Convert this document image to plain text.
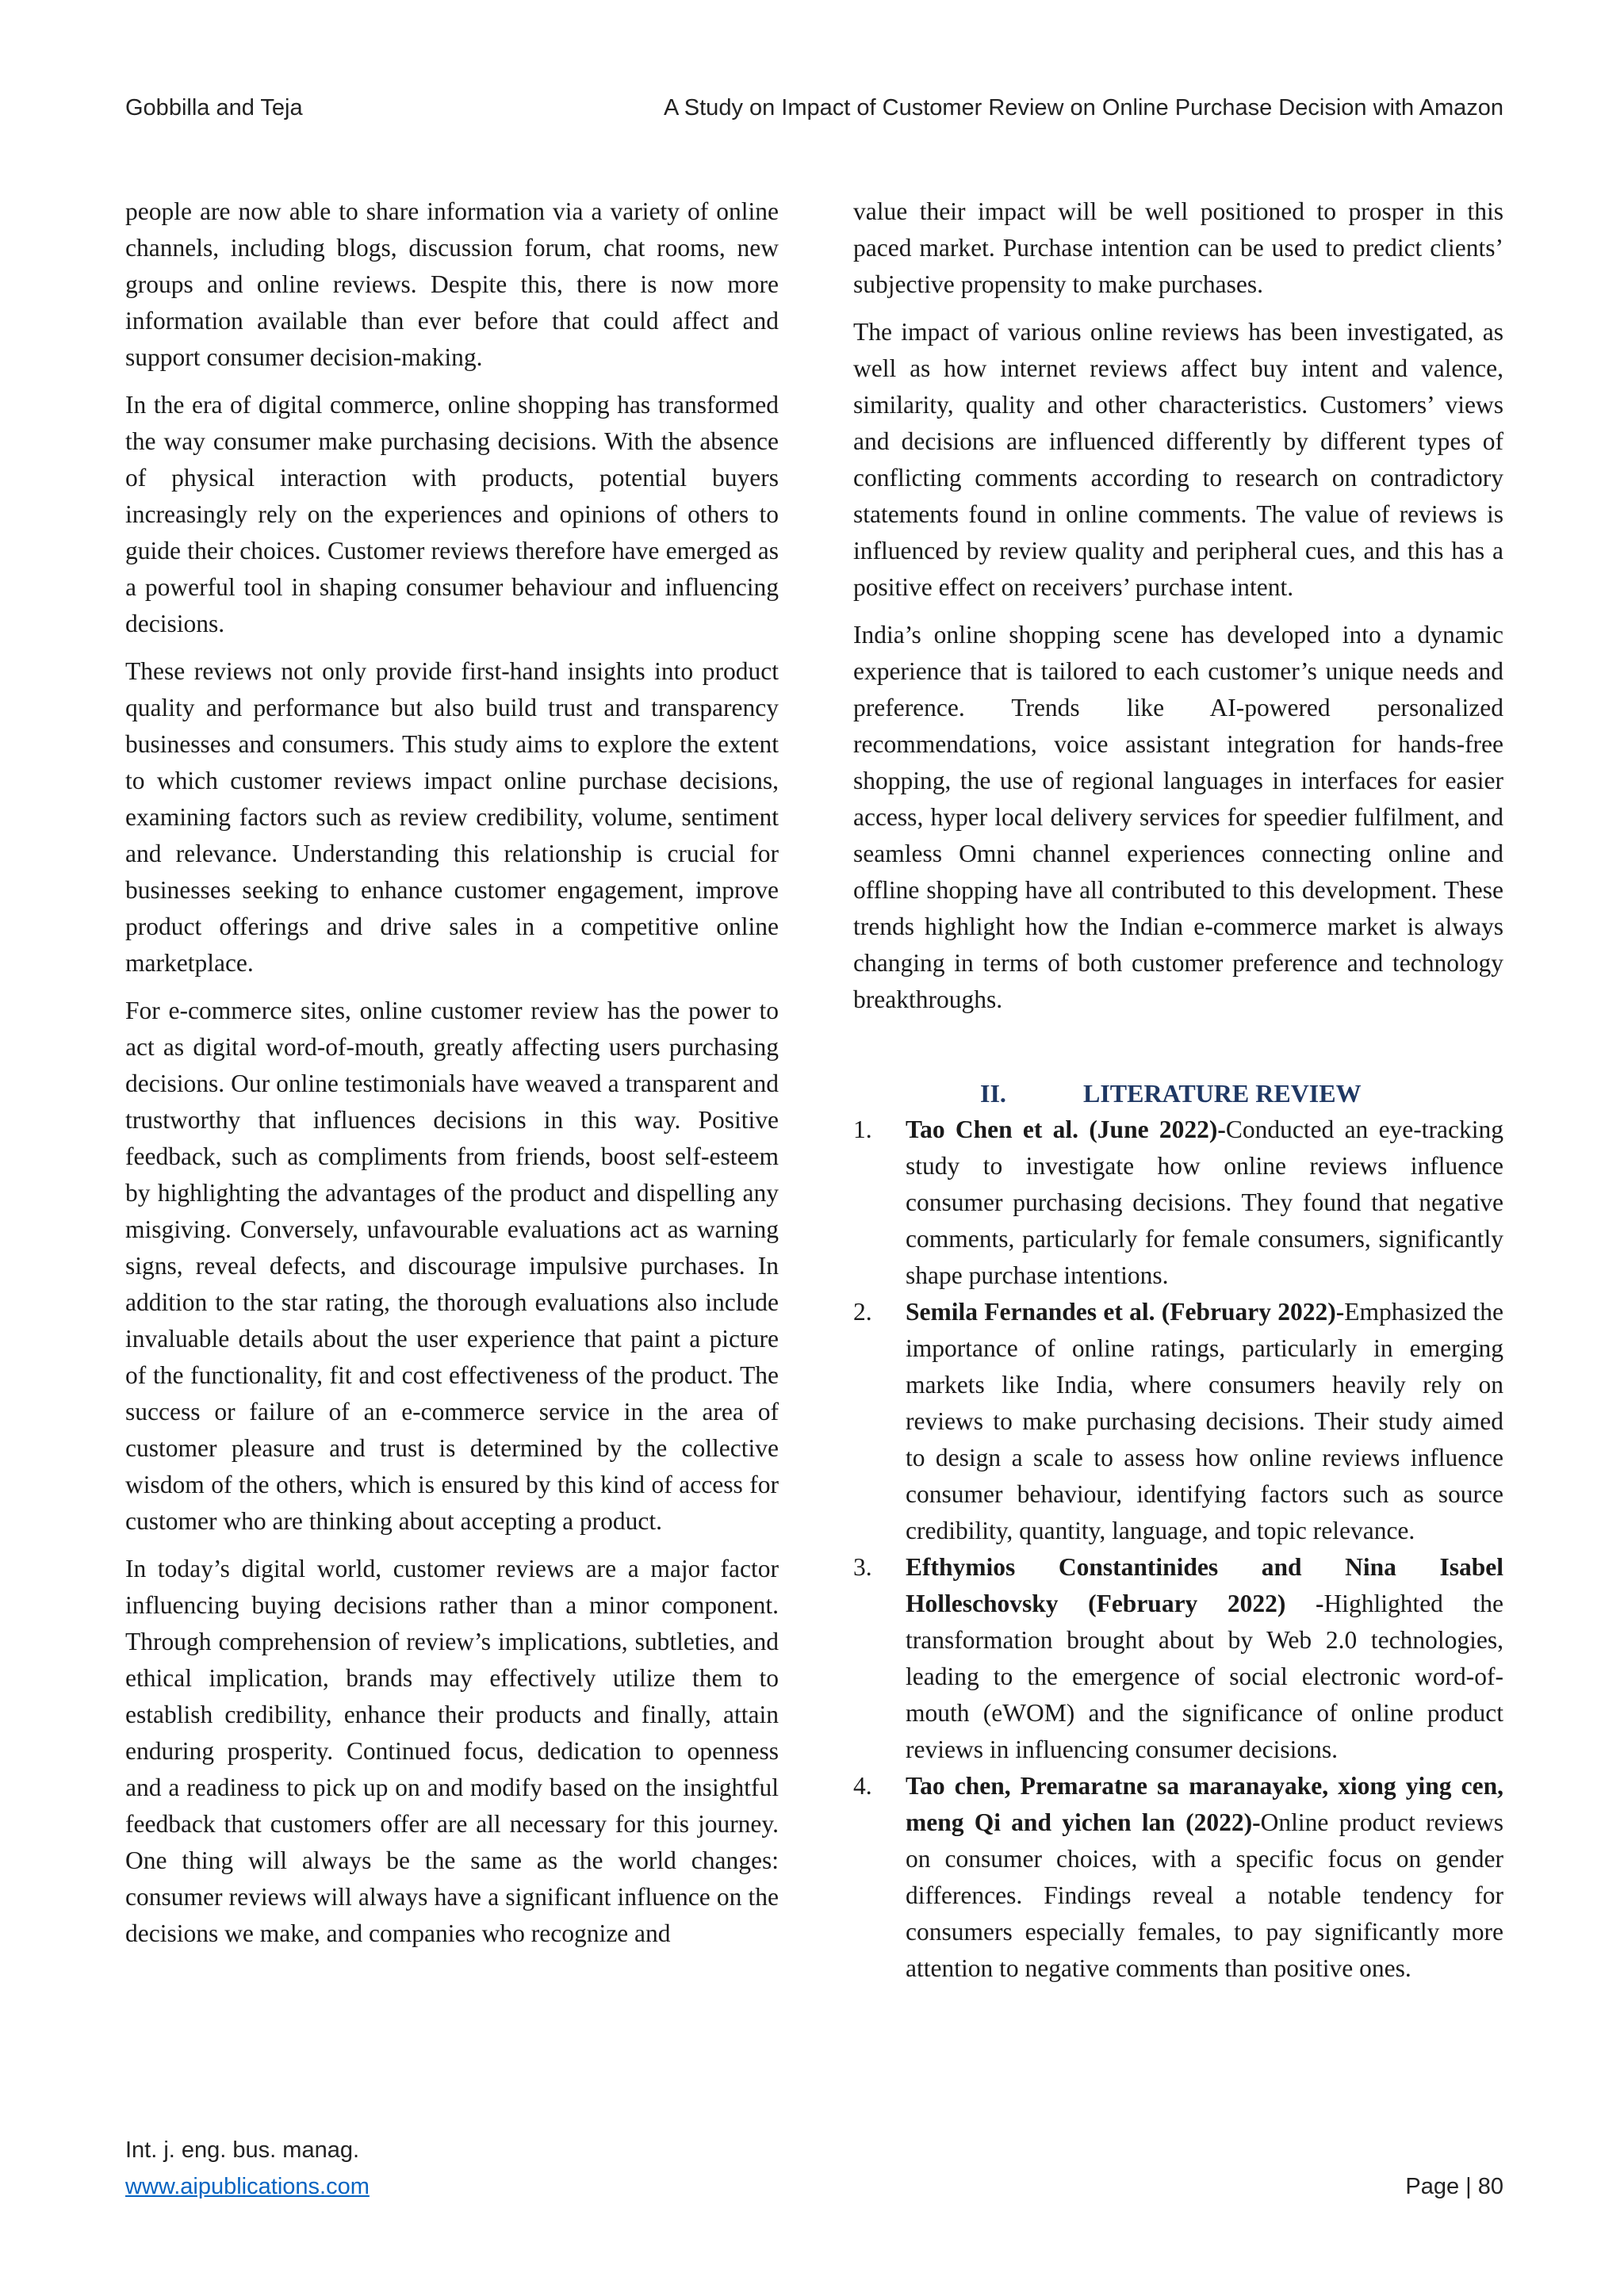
Gobbilla and Teja	A Study on Impact of Customer Review on Online Purchase Decision with Amazon

people are now able to share information via a variety of online channels, including blogs, discussion forum, chat rooms, new groups and online reviews. Despite this, there is now more information available than ever before that could affect and support consumer decision-making.

In the era of digital commerce, online shopping has transformed the way consumer make purchasing decisions. With the absence of physical interaction with products, potential buyers increasingly rely on the experiences and opinions of others to guide their choices. Customer reviews therefore have emerged as a powerful tool in shaping consumer behaviour and influencing decisions.

These reviews not only provide first-hand insights into product quality and performance but also build trust and transparency businesses and consumers. This study aims to explore the extent to which customer reviews impact online purchase decisions, examining factors such as review credibility, volume, sentiment and relevance. Understanding this relationship is crucial for businesses seeking to enhance customer engagement, improve product offerings and drive sales in a competitive online marketplace.

For e-commerce sites, online customer review has the power to act as digital word-of-mouth, greatly affecting users purchasing decisions. Our online testimonials have weaved a transparent and trustworthy that influences decisions in this way. Positive feedback, such as compliments from friends, boost self-esteem by highlighting the advantages of the product and dispelling any misgiving. Conversely, unfavourable evaluations act as warning signs, reveal defects, and discourage impulsive purchases. In addition to the star rating, the thorough evaluations also include invaluable details about the user experience that paint a picture of the functionality, fit and cost effectiveness of the product. The success or failure of an e-commerce service in the area of customer pleasure and trust is determined by the collective wisdom of the others, which is ensured by this kind of access for customer who are thinking about accepting a product.

In today’s digital world, customer reviews are a major factor influencing buying decisions rather than a minor component. Through comprehension of review’s implications, subtleties, and ethical implication, brands may effectively utilize them to establish credibility, enhance their products and finally, attain enduring prosperity. Continued focus, dedication to openness and a readiness to pick up on and modify based on the insightful feedback that customers offer are all necessary for this journey. One thing will always be the same as the world changes: consumer reviews will always have a significant influence on the decisions we make, and companies who recognize and

value their impact will be well positioned to prosper in this paced market. Purchase intention can be used to predict clients’ subjective propensity to make purchases.

The impact of various online reviews has been investigated, as well as how internet reviews affect buy intent and valence, similarity, quality and other characteristics. Customers’ views and decisions are influenced differently by different types of conflicting comments according to research on contradictory statements found in online comments. The value of reviews is influenced by review quality and peripheral cues, and this has a positive effect on receivers’ purchase intent.

India’s online shopping scene has developed into a dynamic experience that is tailored to each customer’s unique needs and preference. Trends like AI-powered personalized recommendations, voice assistant integration for hands-free shopping, the use of regional languages in interfaces for easier access, hyper local delivery services for speedier fulfilment, and seamless Omni channel experiences connecting online and offline shopping have all contributed to this development. These trends highlight how the Indian e-commerce market is always changing in terms of both customer preference and technology breakthroughs.

II.	LITERATURE REVIEW
1. Tao Chen et al. (June 2022)-Conducted an eye-tracking study to investigate how online reviews influence consumer purchasing decisions. They found that negative comments, particularly for female consumers, significantly shape purchase intentions.
2. Semila Fernandes et al. (February 2022)-Emphasized the importance of online ratings, particularly in emerging markets like India, where consumers heavily rely on reviews to make purchasing decisions. Their study aimed to design a scale to assess how online reviews influence consumer behaviour, identifying factors such as source credibility, quantity, language, and topic relevance.
3. Efthymios Constantinides and Nina Isabel Holleschovsky (February 2022) -Highlighted the transformation brought about by Web 2.0 technologies, leading to the emergence of social electronic word-of-mouth (eWOM) and the significance of online product reviews in influencing consumer decisions.
4. Tao chen, Premaratne sa maranayake, xiong ying cen, meng Qi and yichen lan (2022)-Online product reviews on consumer choices, with a specific focus on gender differences. Findings reveal a notable tendency for consumers especially females, to pay significantly more attention to negative comments than positive ones.
Int. j. eng. bus. manag.
www.aipublications.com	Page | 80
